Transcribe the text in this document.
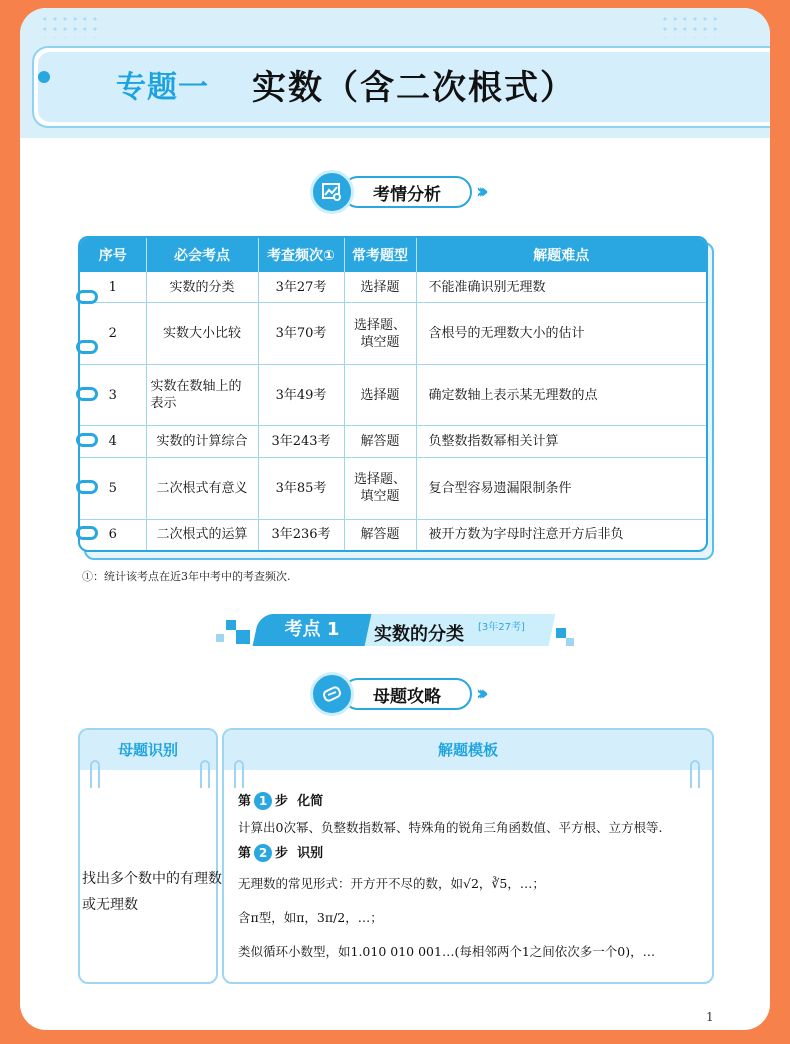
专题一 实数（含二次根式）
考情分析	›››
序号	必会考点	考查频次①	常考题型	解题难点
1	实数的分类	3年27考	选择题	不能准确识别无理数
2	实数大小比较	3年70考	选择题、填空题	含根号的无理数大小的估计
3	实数在数轴上的表示	3年49考	选择题	确定数轴上表示某无理数的点
4	实数的计算综合	3年243考	解答题	负整数指数幂相关计算
5	二次根式有意义	3年85考	选择题、填空题	复合型容易遗漏限制条件
6	二次根式的运算	3年236考	解答题	被开方数为字母时注意开方后非负
①：统计该考点在近3年中考中的考查频次.
考点 1	实数的分类 [3年27考]
母题攻略	›››
母题识别
找出多个数中的有理数或无理数
解题模板
第 1 步 化简
计算出0次幂、负整数指数幂、特殊角的锐角三角函数值、平方根、立方根等.
第 2 步 识别
无理数的常见形式：开方开不尽的数，如√2，∛5，…；
含π型，如π，3π/2，…；
类似循环小数型，如1.010 010 001…(每相邻两个1之间依次多一个0)，…
1
